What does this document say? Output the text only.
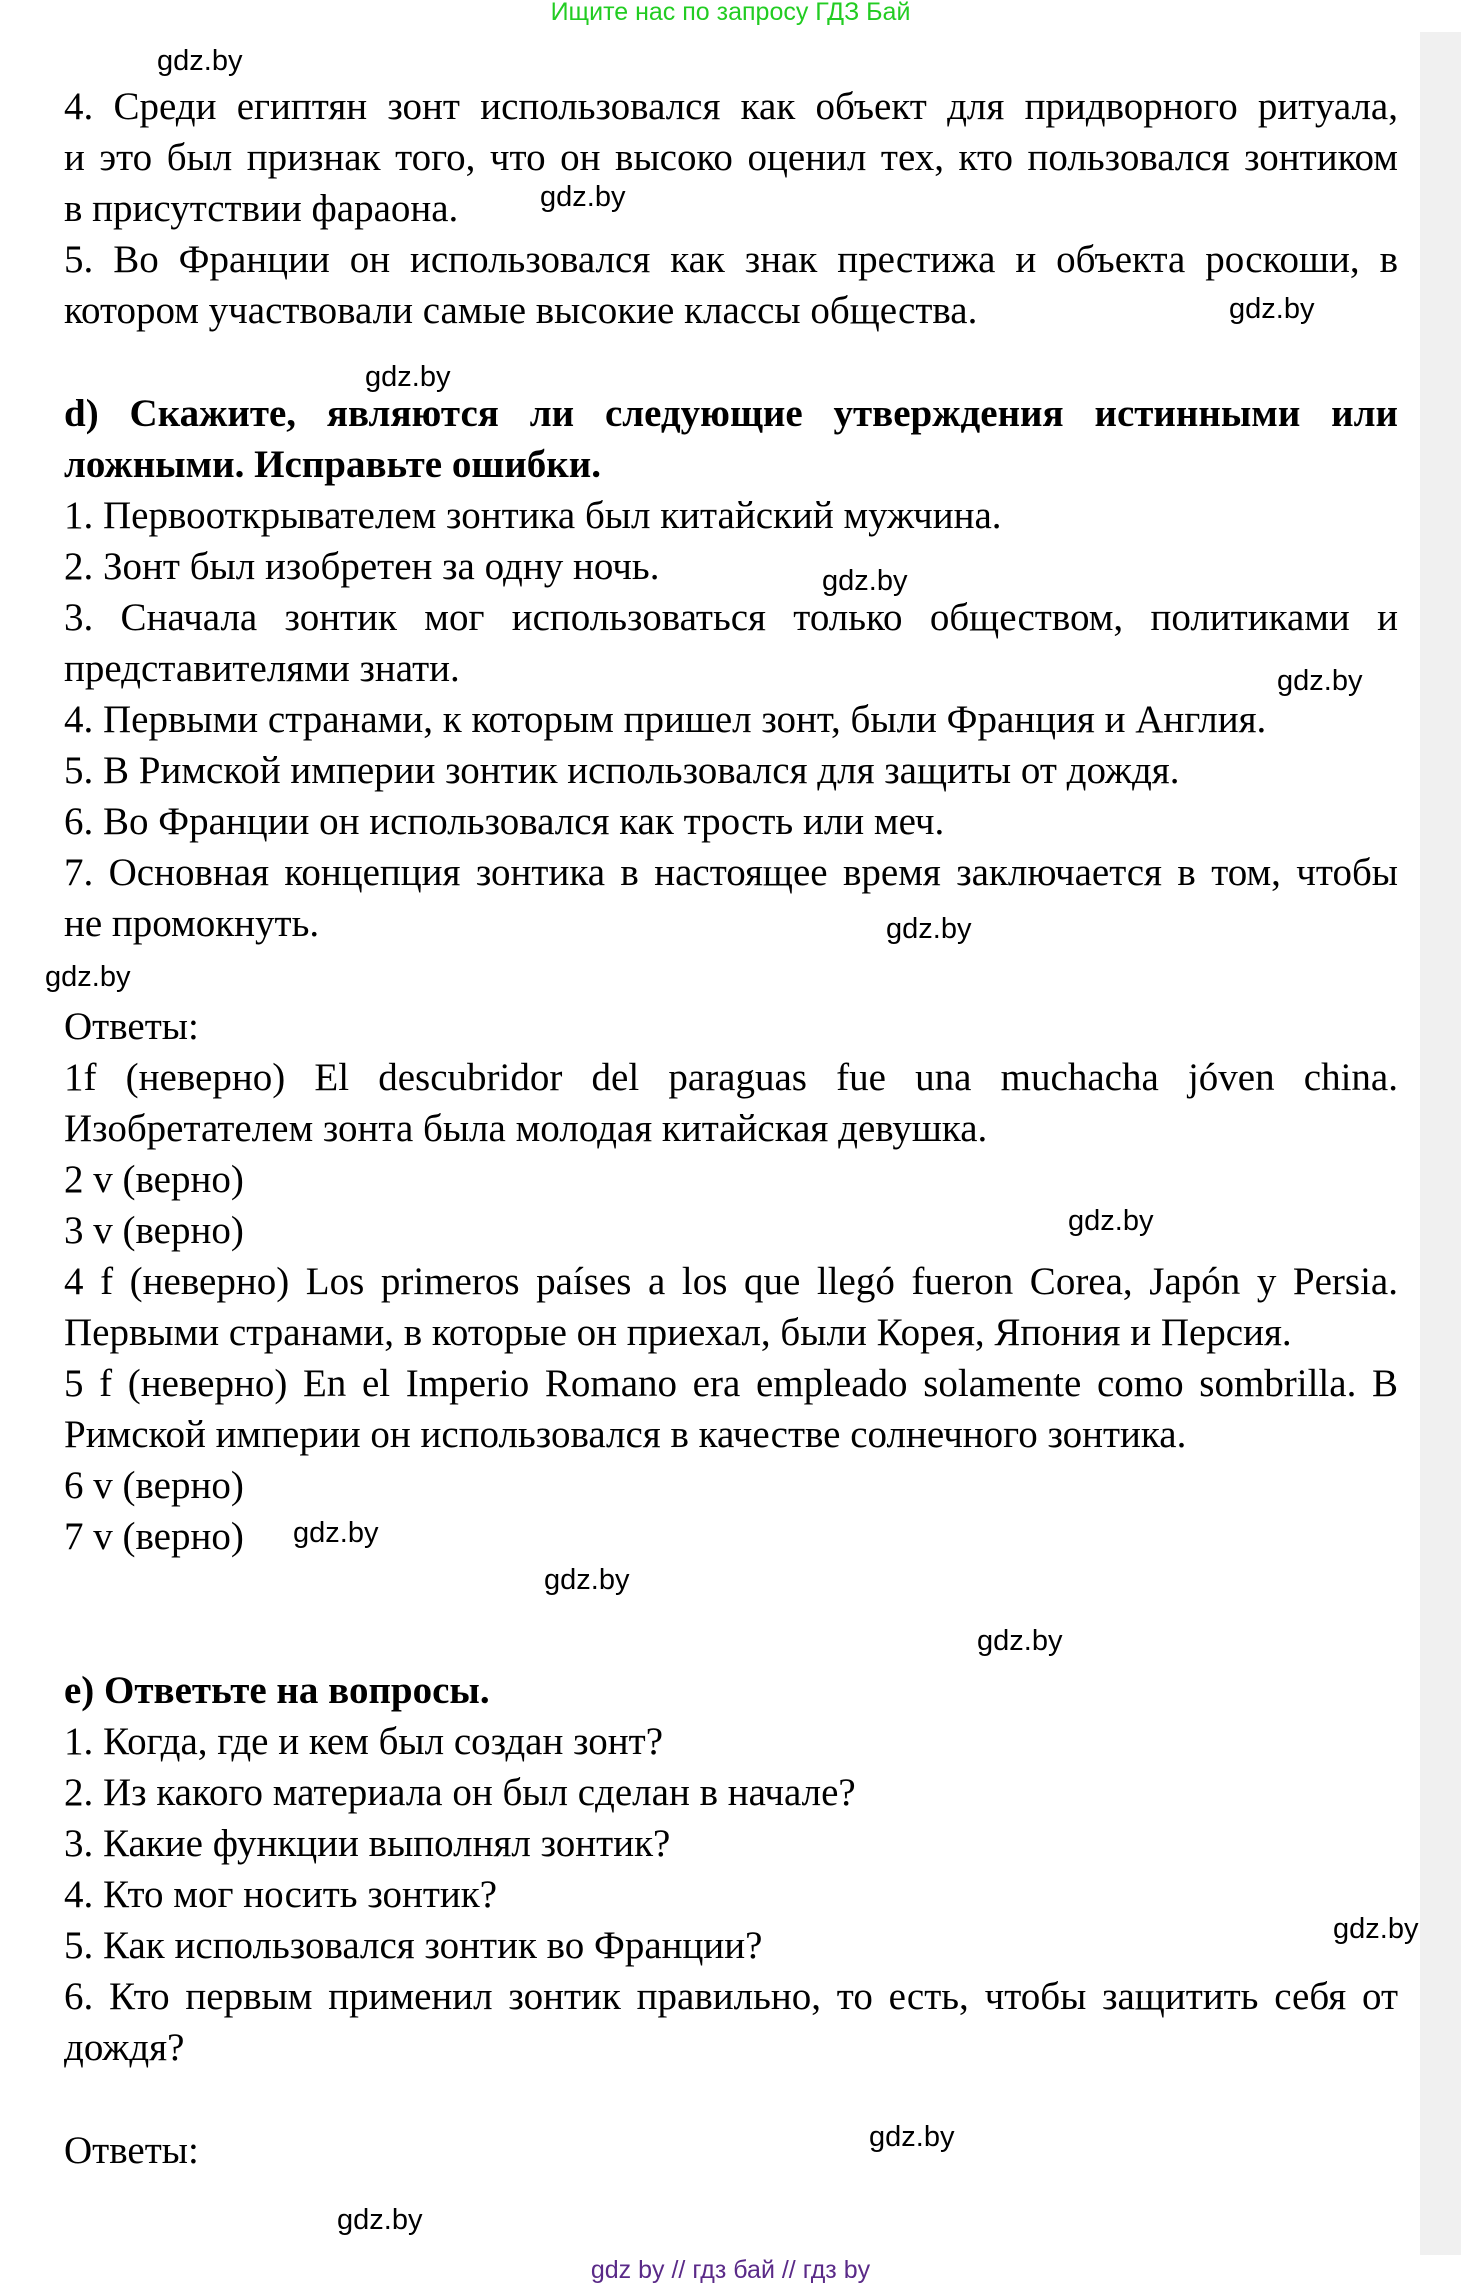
Ищите нас по запросу ГДЗ Бай
4. Среди египтян зонт использовался как объект для придворного ритуала,
и это был признак того, что он высоко оценил тех, кто пользовался зонтиком
в присутствии фараона.
5. Во Франции он использовался как знак престижа и объекта роскоши, в
котором участвовали самые высокие классы общества.
d) Скажите, являются ли следующие утверждения истинными или
ложными. Исправьте ошибки.
1. Первооткрывателем зонтика был китайский мужчина.
2. Зонт был изобретен за одну ночь.
3. Сначала зонтик мог использоваться только обществом, политиками и
представителями знати.
4. Первыми странами, к которым пришел зонт, были Франция и Англия.
5. В Римской империи зонтик использовался для защиты от дождя.
6. Во Франции он использовался как трость или меч.
7. Основная концепция зонтика в настоящее время заключается в том, чтобы
не промокнуть.
Ответы:
1f (неверно) El descubridor del paraguas fue una muchacha jóven china.
Изобретателем зонта была молодая китайская девушка.
2 v (верно)
3 v (верно)
4 f (неверно) Los primeros países a los que llegó fueron Corea, Japón y Persia.
Первыми странами, в которые он приехал, были Корея, Япония и Персия.
5 f (неверно) En el Imperio Romano era empleado solamente como sombrilla. В
Римской империи он использовался в качестве солнечного зонтика.
6 v (верно)
7 v (верно)
e) Ответьте на вопросы.
1. Когда, где и кем был создан зонт?
2. Из какого материала он был сделан в начале?
3. Какие функции выполнял зонтик?
4. Кто мог носить зонтик?
5. Как использовался зонтик во Франции?
6. Кто первым применил зонтик правильно, то есть, чтобы защитить себя от
дождя?
Ответы:
gdz.by
gdz.by
gdz.by
gdz.by
gdz.by
gdz.by
gdz.by
gdz.by
gdz.by
gdz.by
gdz.by
gdz.by
gdz.by
gdz.by
gdz.by
gdz by // гдз бай // гдз by
